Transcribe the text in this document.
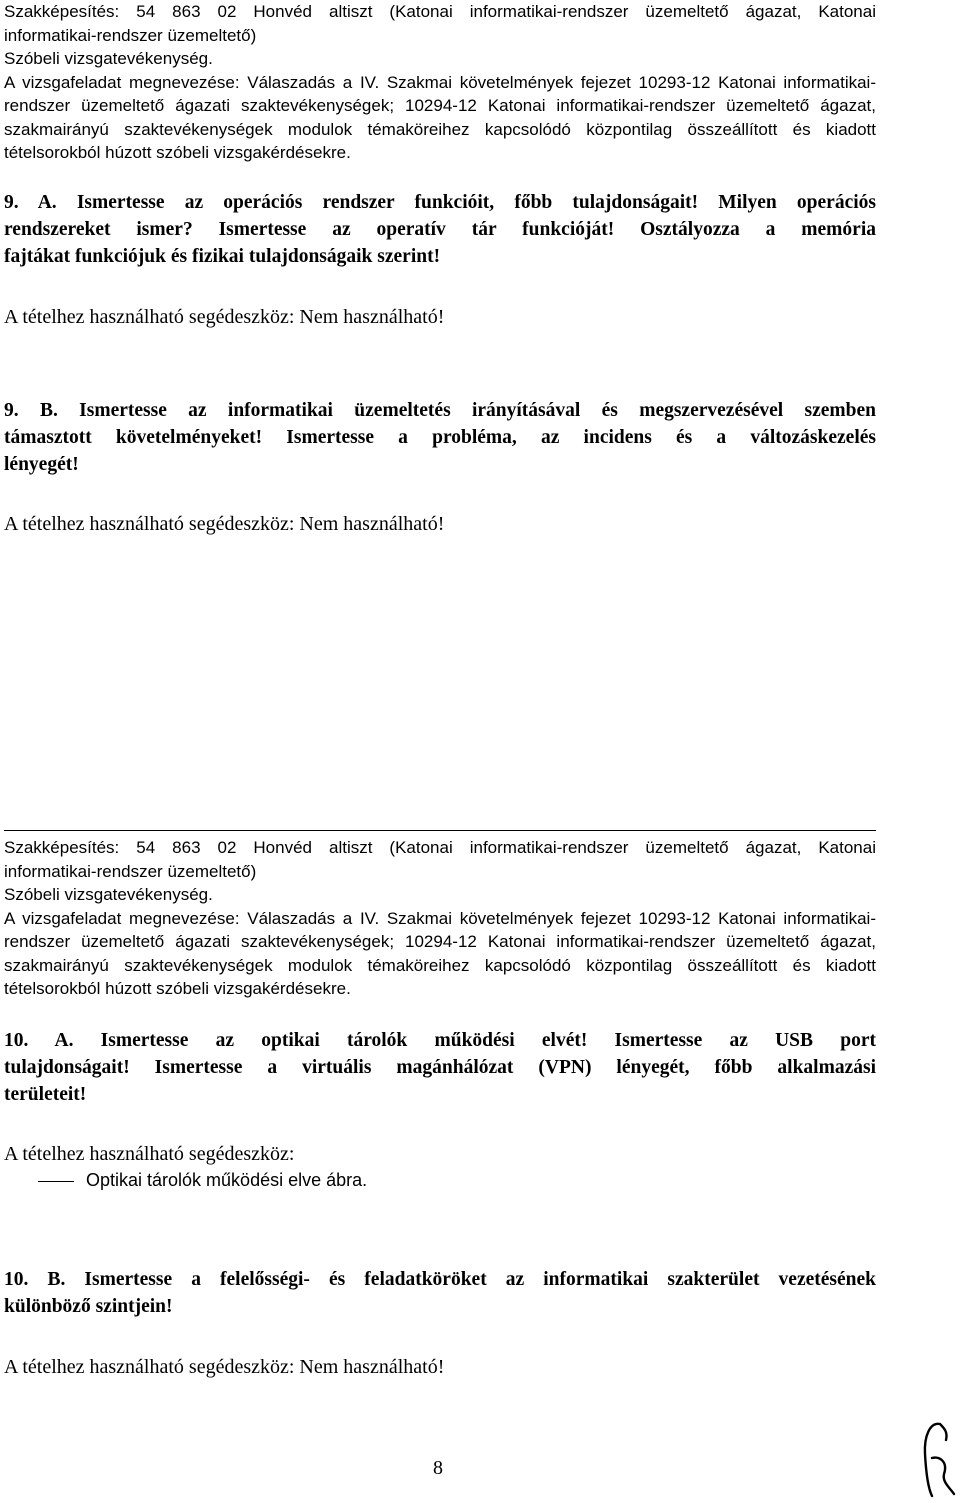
Szakképesítés: 54 863 02 Honvéd altiszt (Katonai informatikai-rendszer üzemeltető ágazat, Katonai
informatikai-rendszer üzemeltető)
Szóbeli vizsgatevékenység.
A vizsgafeladat megnevezése: Válaszadás a IV. Szakmai követelmények fejezet 10293-12 Katonai informatikai-
rendszer üzemeltető ágazati szaktevékenységek; 10294-12 Katonai informatikai-rendszer üzemeltető ágazat,
szakmairányú szaktevékenységek modulok témaköreihez kapcsolódó központilag összeállított és kiadott
tételsorokból húzott szóbeli vizsgakérdésekre.
9. A. Ismertesse az operációs rendszer funkcióit, főbb tulajdonságait! Milyen operációs
rendszereket ismer? Ismertesse az operatív tár funkcióját! Osztályozza a memória
fajtákat funkciójuk és fizikai tulajdonságaik szerint!
A tételhez használható segédeszköz: Nem használható!
9. B. Ismertesse az informatikai üzemeltetés irányításával és megszervezésével szemben
támasztott követelményeket! Ismertesse a probléma, az incidens és a változáskezelés
lényegét!
A tételhez használható segédeszköz: Nem használható!
Szakképesítés: 54 863 02 Honvéd altiszt (Katonai informatikai-rendszer üzemeltető ágazat, Katonai
informatikai-rendszer üzemeltető)
Szóbeli vizsgatevékenység.
A vizsgafeladat megnevezése: Válaszadás a IV. Szakmai követelmények fejezet 10293-12 Katonai informatikai-
rendszer üzemeltető ágazati szaktevékenységek; 10294-12 Katonai informatikai-rendszer üzemeltető ágazat,
szakmairányú szaktevékenységek modulok témaköreihez kapcsolódó központilag összeállított és kiadott
tételsorokból húzott szóbeli vizsgakérdésekre.
10. A. Ismertesse az optikai tárolók működési elvét! Ismertesse az USB port
tulajdonságait! Ismertesse a virtuális magánhálózat (VPN) lényegét, főbb alkalmazási
területeit!
A tételhez használható segédeszköz:
Optikai tárolók működési elve ábra.
10. B. Ismertesse a felelősségi- és feladatköröket az informatikai szakterület vezetésének
különböző szintjein!
A tételhez használható segédeszköz: Nem használható!
8
